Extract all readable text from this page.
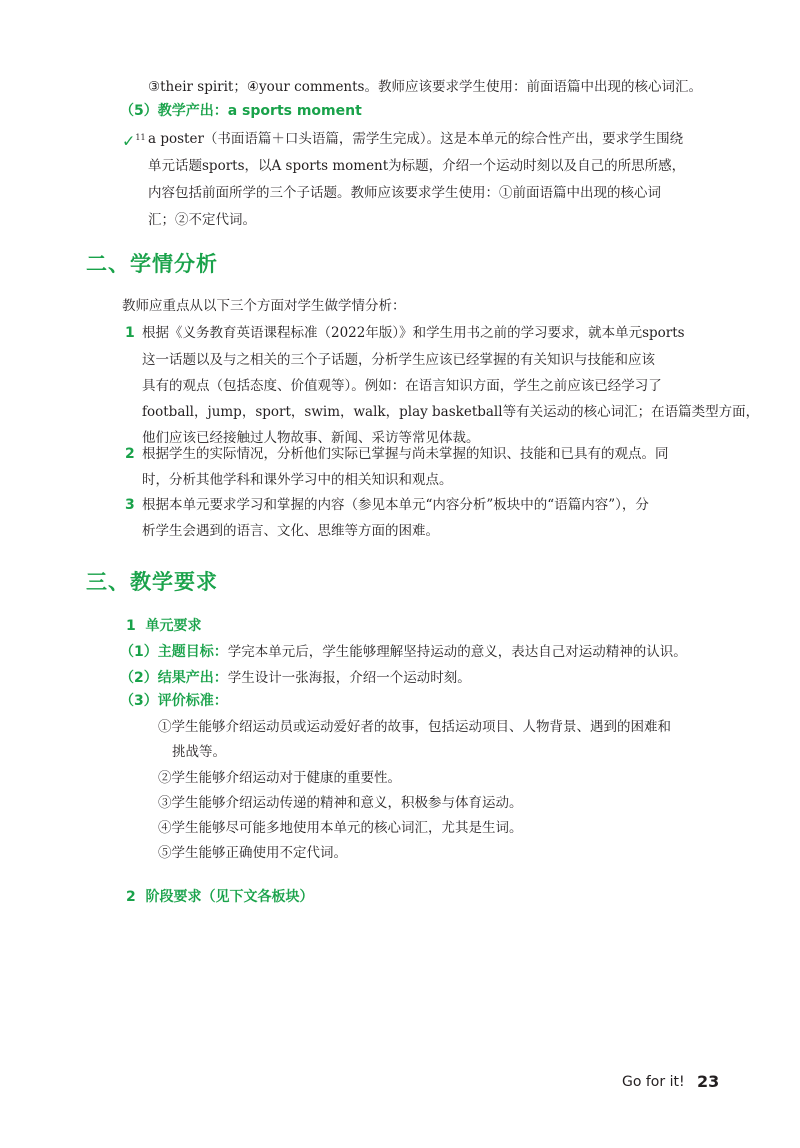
③their spirit；④your comments。教师应该要求学生使用：前面语篇中出现的核心词汇。
（5）教学产出：a sports moment
✓$^{11}$ a poster（书面语篇＋口头语篇，需学生完成）。这是本单元的综合性产出，要求学生围绕
单元话题sports，以A sports moment为标题，介绍一个运动时刻以及自己的所思所感，
内容包括前面所学的三个子话题。教师应该要求学生使用：①前面语篇中出现的核心词
汇；②不定代词。
二、学情分析
教师应重点从以下三个方面对学生做学情分析：
1 根据《义务教育英语课程标准（2022年版）》和学生用书之前的学习要求，就本单元sports
这一话题以及与之相关的三个子话题，分析学生应该已经掌握的有关知识与技能和应该
具有的观点（包括态度、价值观等）。例如：在语言知识方面，学生之前应该已经学习了
football，jump，sport，swim，walk，play basketball等有关运动的核心词汇；在语篇类型方面，
他们应该已经接触过人物故事、新闻、采访等常见体裁。
2 根据学生的实际情况，分析他们实际已掌握与尚未掌握的知识、技能和已具有的观点。同
时，分析其他学科和课外学习中的相关知识和观点。
3 根据本单元要求学习和掌握的内容（参见本单元“内容分析”板块中的“语篇内容”），分
析学生会遇到的语言、文化、思维等方面的困难。
三、教学要求
1  单元要求
（1）主题目标：学完本单元后，学生能够理解坚持运动的意义，表达自己对运动精神的认识。
（2）结果产出：学生设计一张海报，介绍一个运动时刻。
（3）评价标准：
①学生能够介绍运动员或运动爱好者的故事，包括运动项目、人物背景、遇到的困难和
挑战等。
②学生能够介绍运动对于健康的重要性。
③学生能够介绍运动传递的精神和意义，积极参与体育运动。
④学生能够尽可能多地使用本单元的核心词汇，尤其是生词。
⑤学生能够正确使用不定代词。
2  阶段要求（见下文各板块）
Go for it! 23
